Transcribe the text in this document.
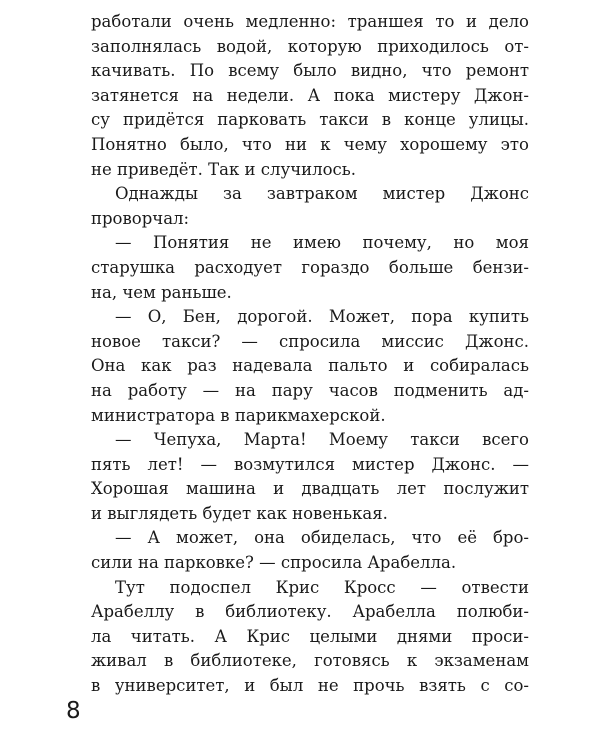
работали очень медленно: траншея то и дело
заполнялась водой, которую приходилось от-
качивать. По всему было видно, что ремонт
затянется на недели. А пока мистеру Джон-
су придётся парковать такси в конце улицы.
Понятно было, что ни к чему хорошему это
не приведёт. Так и случилось.
Однажды за завтраком мистер Джонс
проворчал:
— Понятия не имею почему, но моя
старушка расходует гораздо больше бензи-
на, чем раньше.
— О, Бен, дорогой. Может, пора купить
новое такси? — спросила миссис Джонс.
Она как раз надевала пальто и собиралась
на работу — на пару часов подменить ад-
министратора в парикмахерской.
— Чепуха, Марта! Моему такси всего
пять лет! — возмутился мистер Джонс. —
Хорошая машина и двадцать лет послужит
и выглядеть будет как новенькая.
— А может, она обиделась, что её бро-
сили на парковке? — спросила Арабелла.
Тут подоспел Крис Кросс — отвести
Арабеллу в библиотеку. Арабелла полюби-
ла читать. А Крис целыми днями проси-
живал в библиотеке, готовясь к экзаменам
в университет, и был не прочь взять с со-
8
